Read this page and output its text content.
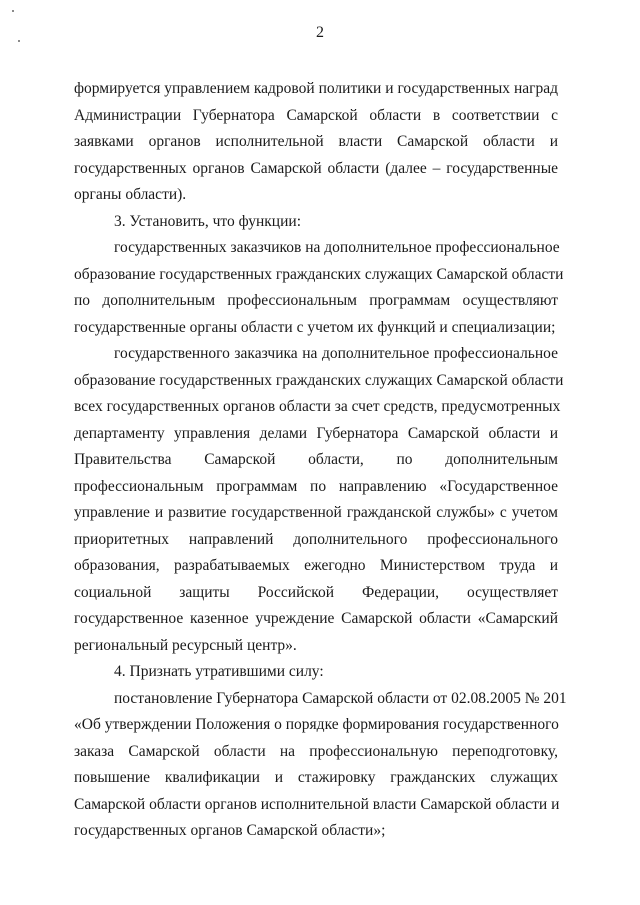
2
формируется управлением кадровой политики и государственных наград
Администрации Губернатора Самарской области в соответствии с
заявками органов исполнительной власти Самарской области и
государственных органов Самарской области (далее – государственные
органы области).
3. Установить, что функции:
государственных заказчиков на дополнительное профессиональное
образование государственных гражданских служащих Самарской области
по дополнительным профессиональным программам осуществляют
государственные органы области с учетом их функций и специализации;
государственного заказчика на дополнительное профессиональное
образование государственных гражданских служащих Самарской области
всех государственных органов области за счет средств, предусмотренных
департаменту управления делами Губернатора Самарской области и
Правительства Самарской области, по дополнительным
профессиональным программам по направлению «Государственное
управление и развитие государственной гражданской службы» с учетом
приоритетных направлений дополнительного профессионального
образования, разрабатываемых ежегодно Министерством труда и
социальной защиты Российской Федерации, осуществляет
государственное казенное учреждение Самарской области «Самарский
региональный ресурсный центр».
4. Признать утратившими силу:
постановление Губернатора Самарской области от 02.08.2005 № 201
«Об утверждении Положения о порядке формирования государственного
заказа Самарской области на профессиональную переподготовку,
повышение квалификации и стажировку гражданских служащих
Самарской области органов исполнительной власти Самарской области и
государственных органов Самарской области»;
